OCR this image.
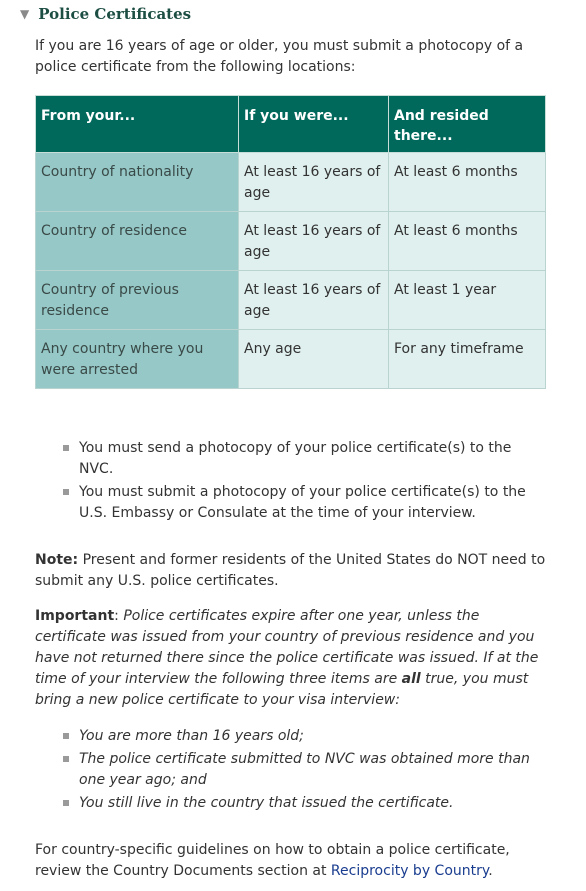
▼ Police Certificates

If you are 16 years of age or older, you must submit a photocopy of a police certificate from the following locations:

From your...	If you were...	And resided there...
Country of nationality	At least 16 years of age	At least 6 months
Country of residence	At least 16 years of age	At least 6 months
Country of previous residence	At least 16 years of age	At least 1 year
Any country where you were arrested	Any age	For any timeframe
You must send a photocopy of your police certificate(s) to the NVC.
You must submit a photocopy of your police certificate(s) to the U.S. Embassy or Consulate at the time of your interview.

Note: Present and former residents of the United States do NOT need to submit any U.S. police certificates.

Important: Police certificates expire after one year, unless the certificate was issued from your country of previous residence and you have not returned there since the police certificate was issued. If at the time of your interview the following three items are all true, you must bring a new police certificate to your visa interview:

You are more than 16 years old;
The police certificate submitted to NVC was obtained more than one year ago; and
You still live in the country that issued the certificate.

For country-specific guidelines on how to obtain a police certificate, review the Country Documents section at Reciprocity by Country.
